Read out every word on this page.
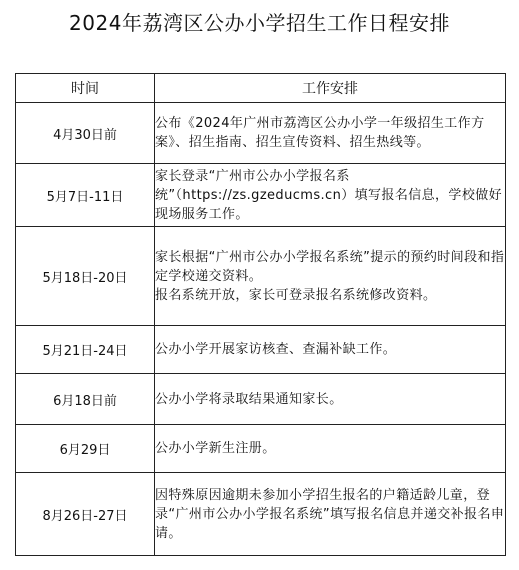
2024年荔湾区公办小学招生工作日程安排
时间	工作安排
4月30日前	公布《2024年广州市荔湾区公办小学一年级招生工作方案》、招生指南、招生宣传资料、招生热线等。

5月7日-11日	家长登录“广州市公办小学报名系统”（https://zs.gzeducms.cn）填写报名信息，学校做好现场服务工作。

5月18日-20日	家长根据“广州市公办小学报名系统”提示的预约时间段和指定学校递交资料。
报名系统开放，家长可登录报名系统修改资料。

5月21日-24日	公办小学开展家访核查、查漏补缺工作。

6月18日前	公办小学将录取结果通知家长。

6月29日	公办小学新生注册。

8月26日-27日	因特殊原因逾期未参加小学招生报名的户籍适龄儿童，登录“广州市公办小学报名系统”填写报名信息并递交补报名申请。
